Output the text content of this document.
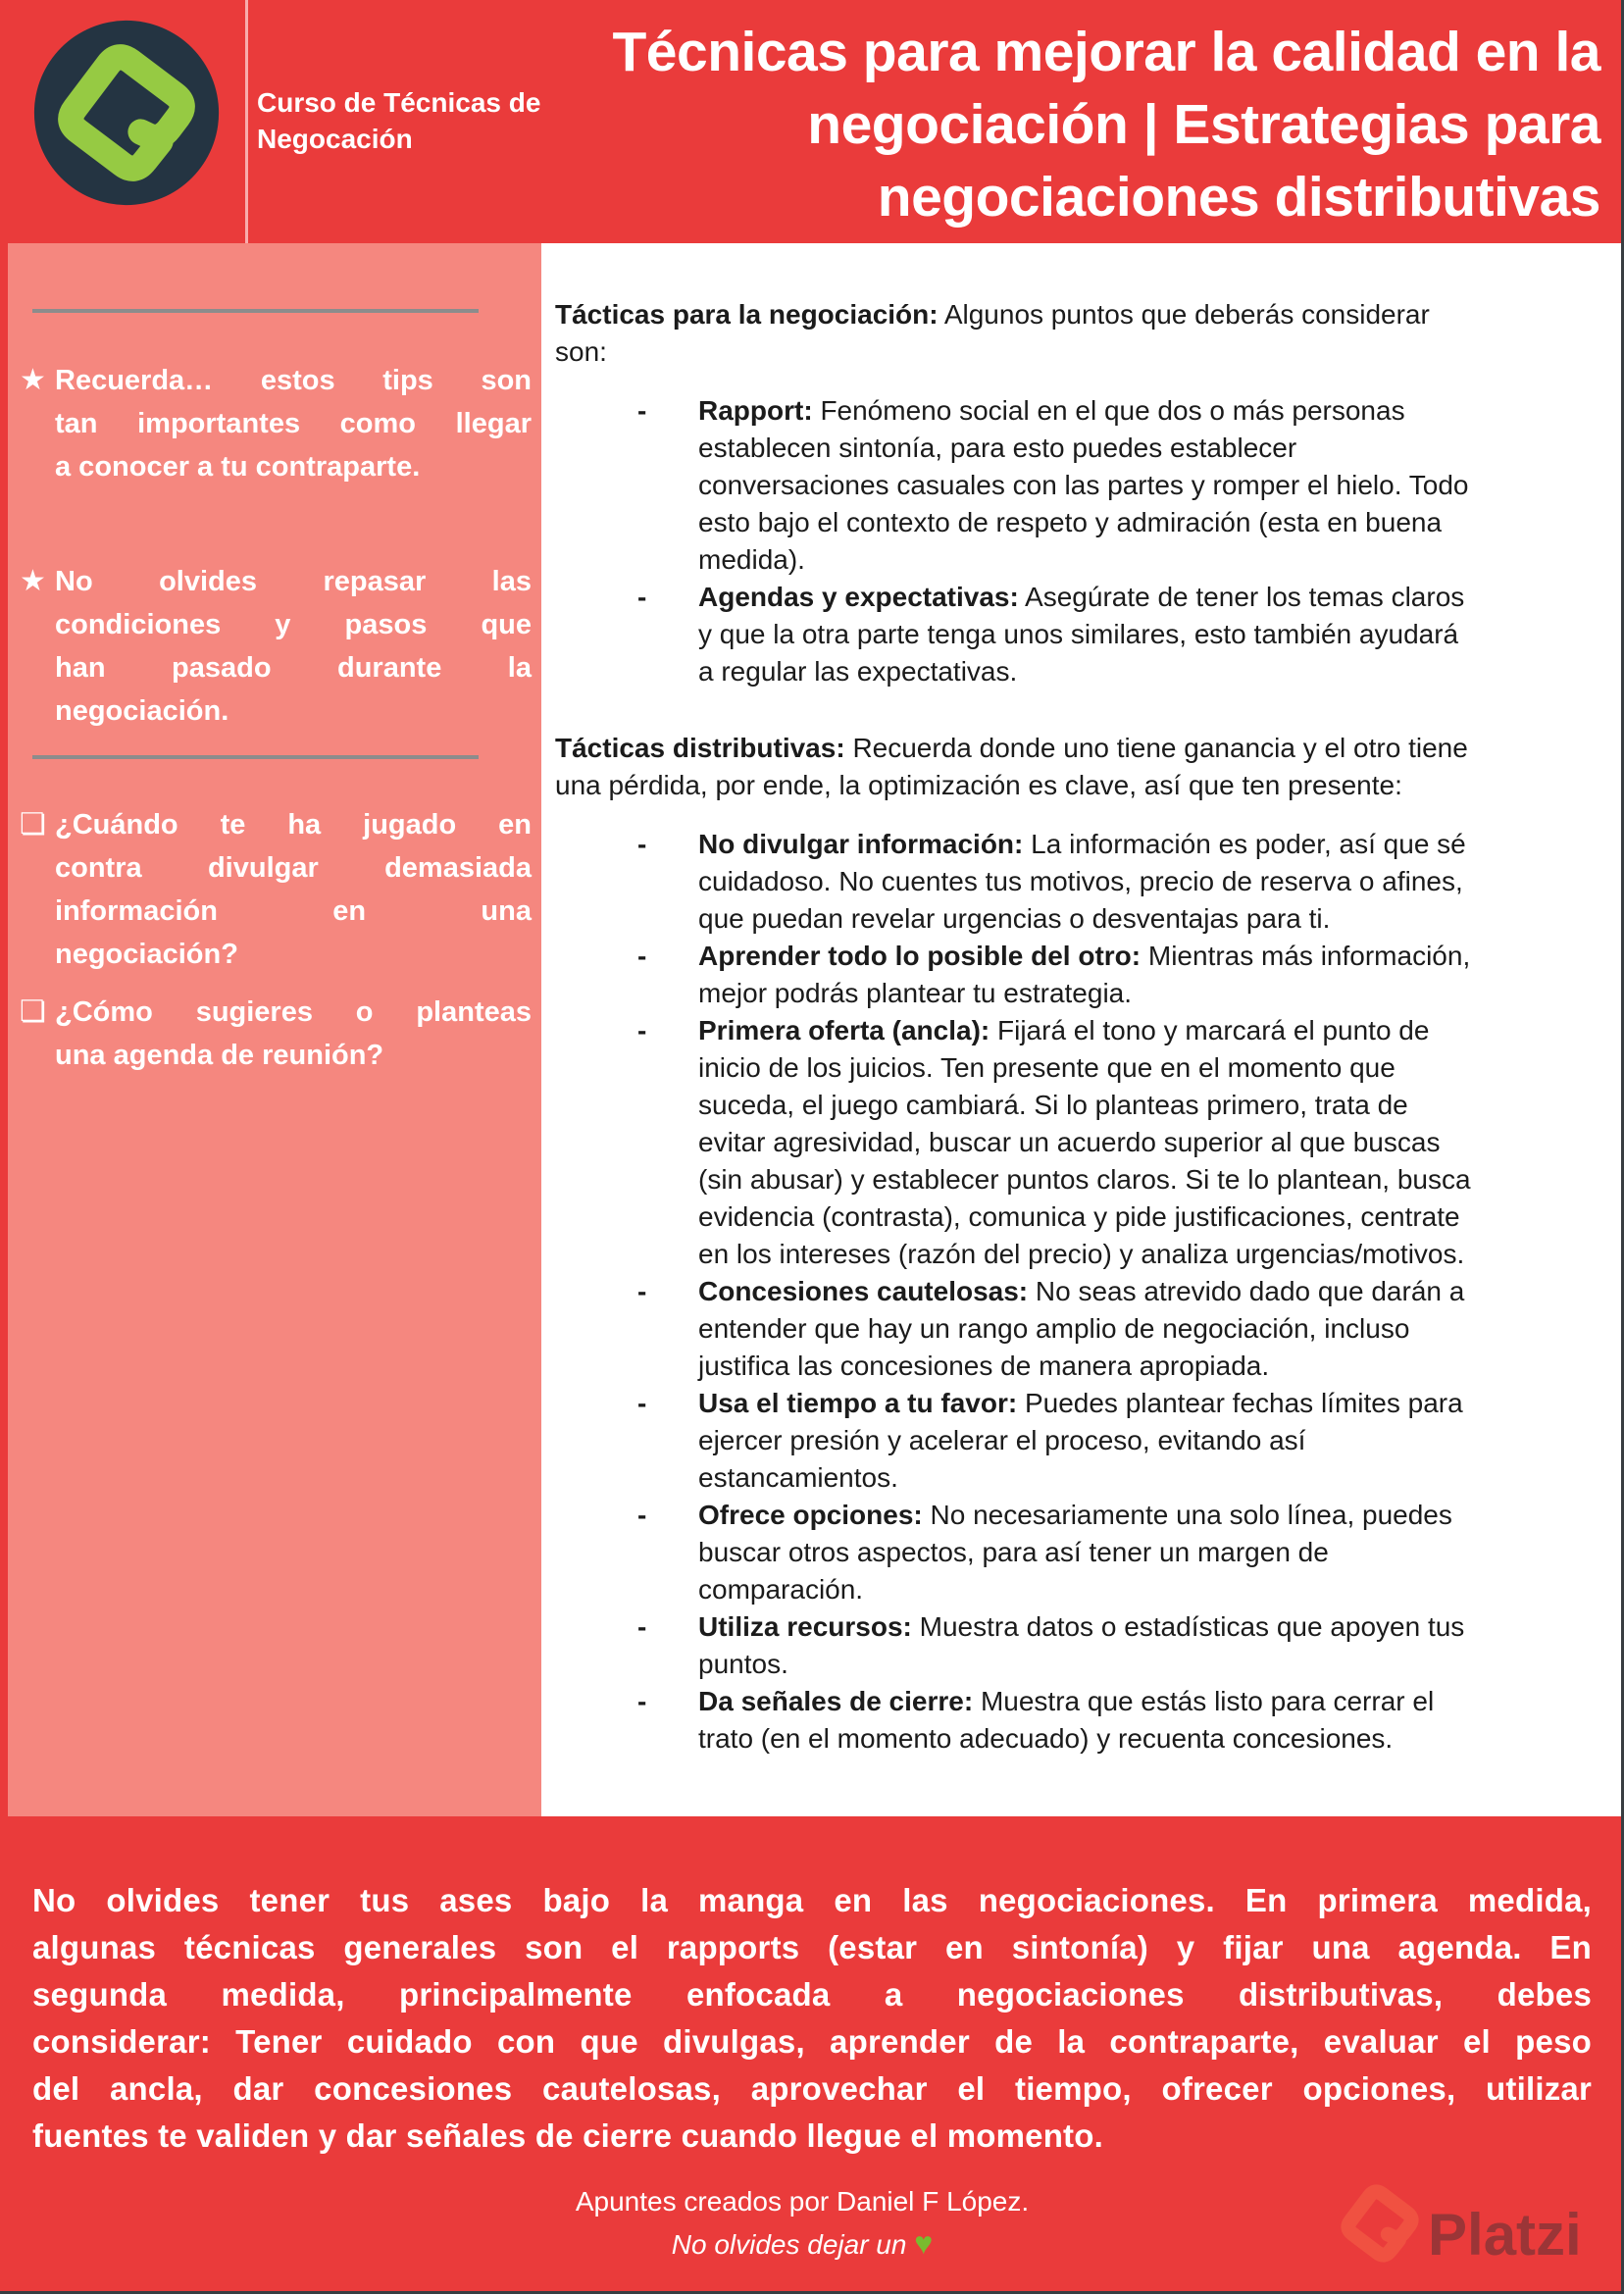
Curso de Técnicas de Negocación
Técnicas para mejorar la calidad en la negociación | Estrategias para negociaciones distributivas
★ Recuerda… estos tips son
tan importantes como llegar
a conocer a tu contraparte.
★ No olvides repasar las
condiciones y pasos que
han pasado durante la
negociación.
❏ ¿Cuándo te ha jugado en
contra divulgar demasiada
información en una
negociación?
❏ ¿Cómo sugieres o planteas
una agenda de reunión?

Tácticas para la negociación: Algunos puntos que deberás considerar son:

-	Rapport: Fenómeno social en el que dos o más personas establecen sintonía, para esto puedes establecer conversaciones casuales con las partes y romper el hielo. Todo esto bajo el contexto de respeto y admiración (esta en buena medida).

-	Agendas y expectativas: Asegúrate de tener los temas claros y que la otra parte tenga unos similares, esto también ayudará a regular las expectativas.

Tácticas distributivas: Recuerda donde uno tiene ganancia y el otro tiene una pérdida, por ende, la optimización es clave, así que ten presente:

-	No divulgar información: La información es poder, así que sé cuidadoso. No cuentes tus motivos, precio de reserva o afines, que puedan revelar urgencias o desventajas para ti.

-	Aprender todo lo posible del otro: Mientras más información, mejor podrás plantear tu estrategia.

-	Primera oferta (ancla): Fijará el tono y marcará el punto de inicio de los juicios. Ten presente que en el momento que suceda, el juego cambiará. Si lo planteas primero, trata de evitar agresividad, buscar un acuerdo superior al que buscas (sin abusar) y establecer puntos claros. Si te lo plantean, busca evidencia (contrasta), comunica y pide justificaciones, centrate en los intereses (razón del precio) y analiza urgencias/motivos.

-	Concesiones cautelosas: No seas atrevido dado que darán a entender que hay un rango amplio de negociación, incluso justifica las concesiones de manera apropiada.

-	Usa el tiempo a tu favor: Puedes plantear fechas límites para ejercer presión y acelerar el proceso, evitando así estancamientos.

-	Ofrece opciones: No necesariamente una solo línea, puedes buscar otros aspectos, para así tener un margen de comparación.

-	Utiliza recursos: Muestra datos o estadísticas que apoyen tus puntos.

-	Da señales de cierre: Muestra que estás listo para cerrar el trato (en el momento adecuado) y recuenta concesiones.

No olvides tener tus ases bajo la manga en las negociaciones. En primera medida,
algunas técnicas generales son el rapports (estar en sintonía) y fijar una agenda. En
segunda medida, principalmente enfocada a negociaciones distributivas, debes
considerar: Tener cuidado con que divulgas, aprender de la contraparte, evaluar el peso
del ancla, dar concesiones cautelosas, aprovechar el tiempo, ofrecer opciones, utilizar
fuentes te validen y dar señales de cierre cuando llegue el momento.
Apuntes creados por Daniel F López.
No olvides dejar un ♥	Platzi
